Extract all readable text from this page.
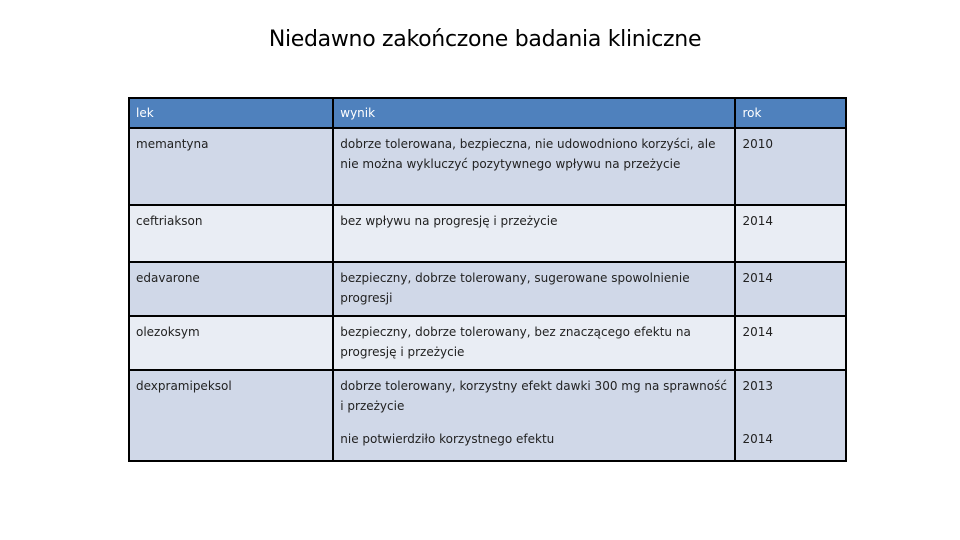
Niedawno zakończone badania kliniczne
lek	wynik	rok
memantyna	dobrze tolerowana, bezpieczna, nie udowodniono korzyści, ale nie można wykluczyć pozytywnego wpływu na przeżycie	2010
ceftriakson	bez wpływu na progresję i przeżycie	2014
edavarone	bezpieczny, dobrze tolerowany, sugerowane spowolnienie progresji	2014
olezoksym	bezpieczny, dobrze tolerowany, bez znaczącego efektu na progresję i przeżycie	2014
dexpramipeksol	dobrze tolerowany, korzystny efekt dawki 300 mg na sprawność i przeżycie	2013
	nie potwierdziło korzystnego efektu	2014
